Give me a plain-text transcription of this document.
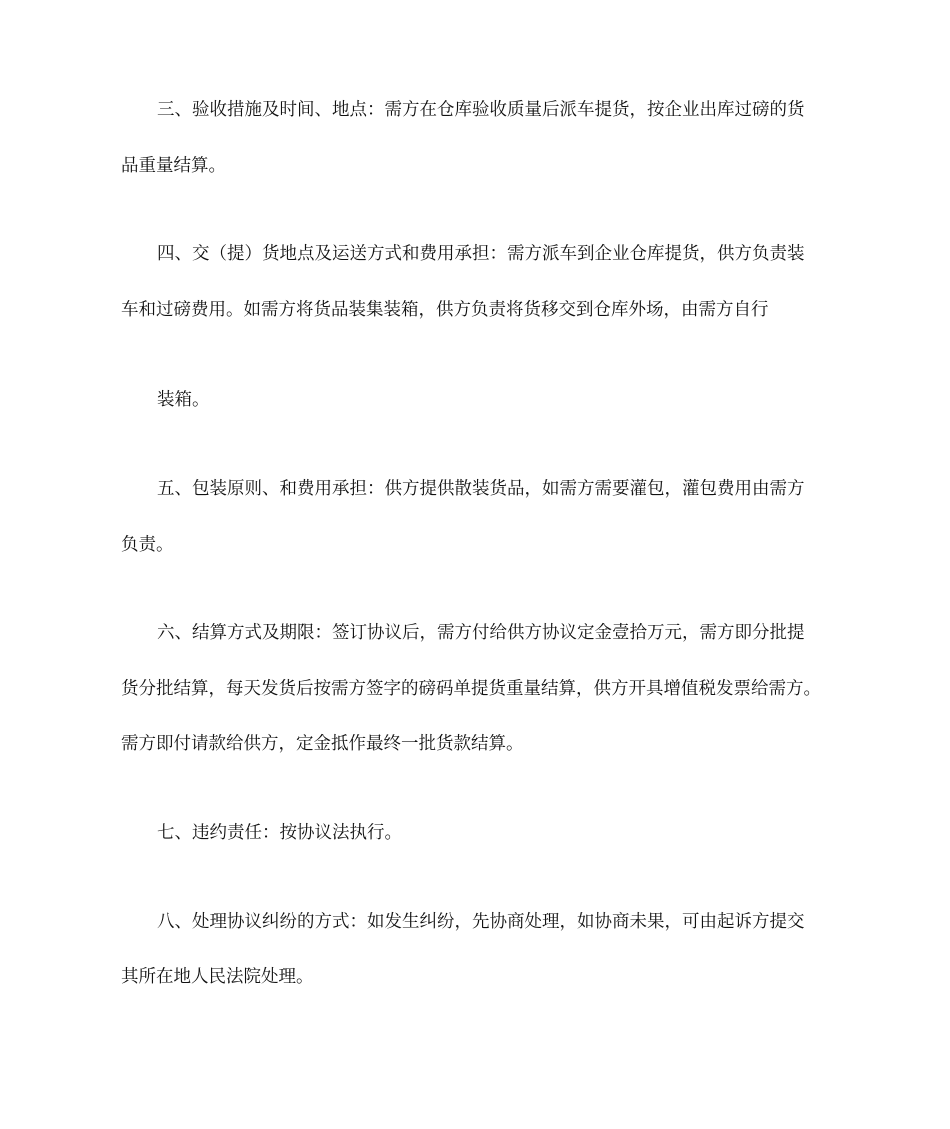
三、验收措施及时间、地点：需方在仓库验收质量后派车提货，按企业出库过磅的货
品重量结算。
四、交（提）货地点及运送方式和费用承担：需方派车到企业仓库提货，供方负责装
车和过磅费用。如需方将货品装集装箱，供方负责将货移交到仓库外场，由需方自行
装箱。
五、包装原则、和费用承担：供方提供散装货品，如需方需要灌包，灌包费用由需方
负责。
六、结算方式及期限：签订协议后，需方付给供方协议定金壹拾万元，需方即分批提
货分批结算，每天发货后按需方签字的磅码单提货重量结算，供方开具增值税发票给需方。
需方即付请款给供方，定金抵作最终一批货款结算。
七、违约责任：按协议法执行。
八、处理协议纠纷的方式：如发生纠纷，先协商处理，如协商未果，可由起诉方提交
其所在地人民法院处理。
